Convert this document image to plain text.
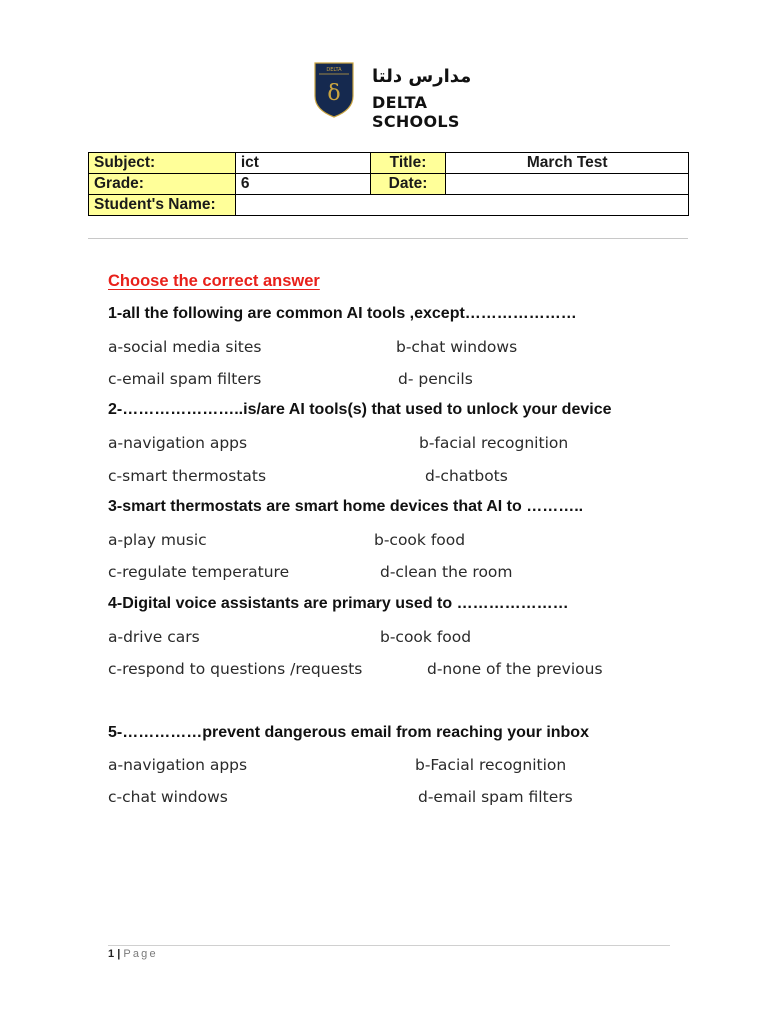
DELTA
δ
مدارس دلتا
DELTA SCHOOLS
Subject:	ict	Title:	March Test
Grade:	6	Date:	
Student's Name:			
Choose the correct answer
1-all the following are common AI tools ,except…………………
a-social media sites	b-chat windows
c-email spam filters	d- pencils
2-…………………..is/are AI tools(s) that used to unlock your device
a-navigation apps	b-facial recognition
c-smart thermostats	d-chatbots
3-smart thermostats are smart home devices that AI to ………..
a-play music	b-cook food
c-regulate temperature	d-clean the room
4-Digital voice assistants are primary used to …………………
a-drive cars	b-cook food
c-respond to questions /requests	d-none of the previous
5-……………prevent dangerous email from reaching your inbox
a-navigation apps	b-Facial recognition
c-chat windows	d-email spam filters
1 | Page
